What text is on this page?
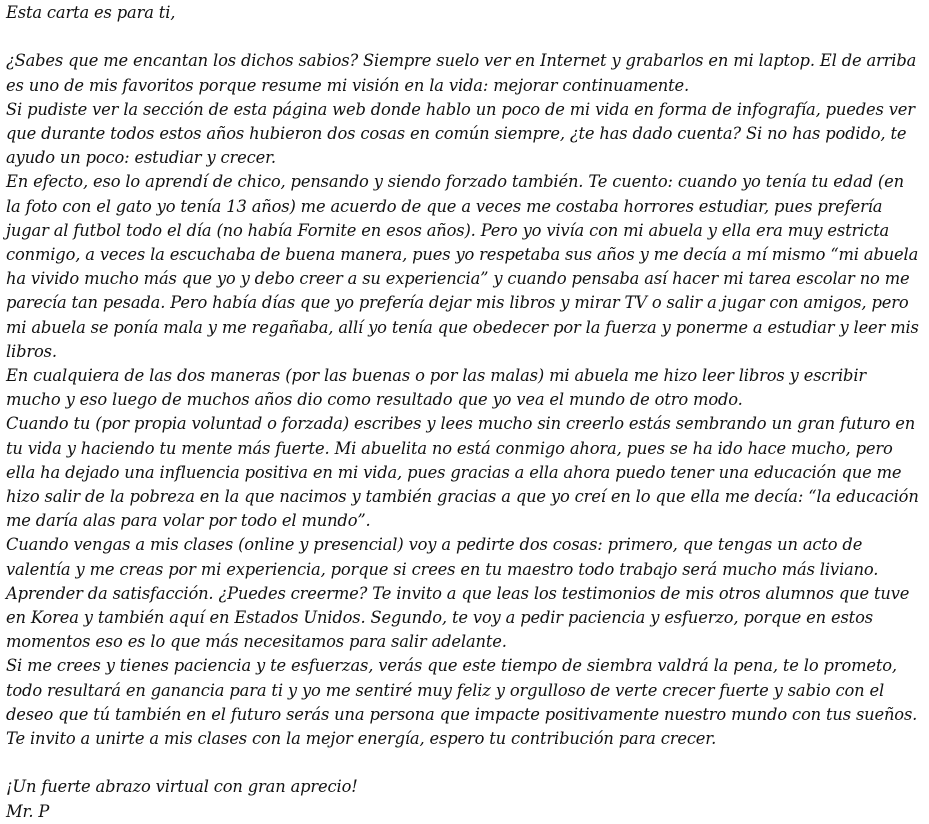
Esta carta es para ti,

¿Sabes que me encantan los dichos sabios? Siempre suelo ver en Internet y grabarlos en mi laptop. El de arriba es uno de mis favoritos porque resume mi visión en la vida: mejorar continuamente.

Si pudiste ver la sección de esta página web donde hablo un poco de mi vida en forma de infografía, puedes ver que durante todos estos años hubieron dos cosas en común siempre, ¿te has dado cuenta? Si no has podido, te ayudo un poco: estudiar y crecer.

En efecto, eso lo aprendí de chico, pensando y siendo forzado también. Te cuento: cuando yo tenía tu edad (en la foto con el gato yo tenía 13 años) me acuerdo de que a veces me costaba horrores estudiar, pues prefería jugar al futbol todo el día (no había Fornite en esos años). Pero yo vivía con mi abuela y ella era muy estricta conmigo, a veces la escuchaba de buena manera, pues yo respetaba sus años y me decía a mí mismo “mi abuela ha vivido mucho más que yo y debo creer a su experiencia” y cuando pensaba así hacer mi tarea escolar no me parecía tan pesada. Pero había días que yo prefería dejar mis libros y mirar TV o salir a jugar con amigos, pero mi abuela se ponía mala y me regañaba, allí yo tenía que obedecer por la fuerza y ponerme a estudiar y leer mis libros.

En cualquiera de las dos maneras (por las buenas o por las malas) mi abuela me hizo leer libros y escribir mucho y eso luego de muchos años dio como resultado que yo vea el mundo de otro modo.

Cuando tu (por propia voluntad o forzada) escribes y lees mucho sin creerlo estás sembrando un gran futuro en tu vida y haciendo tu mente más fuerte. Mi abuelita no está conmigo ahora, pues se ha ido hace mucho, pero ella ha dejado una influencia positiva en mi vida, pues gracias a ella ahora puedo tener una educación que me hizo salir de la pobreza en la que nacimos y también gracias a que yo creí en lo que ella me decía: “la educación me daría alas para volar por todo el mundo”.

Cuando vengas a mis clases (online y presencial) voy a pedirte dos cosas: primero, que tengas un acto de valentía y me creas por mi experiencia, porque si crees en tu maestro todo trabajo será mucho más liviano. Aprender da satisfacción. ¿Puedes creerme? Te invito a que leas los testimonios de mis otros alumnos que tuve en Korea y también aquí en Estados Unidos. Segundo, te voy a pedir paciencia y esfuerzo, porque en estos momentos eso es lo que más necesitamos para salir adelante.

Si me crees y tienes paciencia y te esfuerzas, verás que este tiempo de siembra valdrá la pena, te lo prometo, todo resultará en ganancia para ti y yo me sentiré muy feliz y orgulloso de verte crecer fuerte y sabio con el deseo que tú también en el futuro serás una persona que impacte positivamente nuestro mundo con tus sueños.

Te invito a unirte a mis clases con la mejor energía, espero tu contribución para crecer.

¡Un fuerte abrazo virtual con gran aprecio!

Mr. P
